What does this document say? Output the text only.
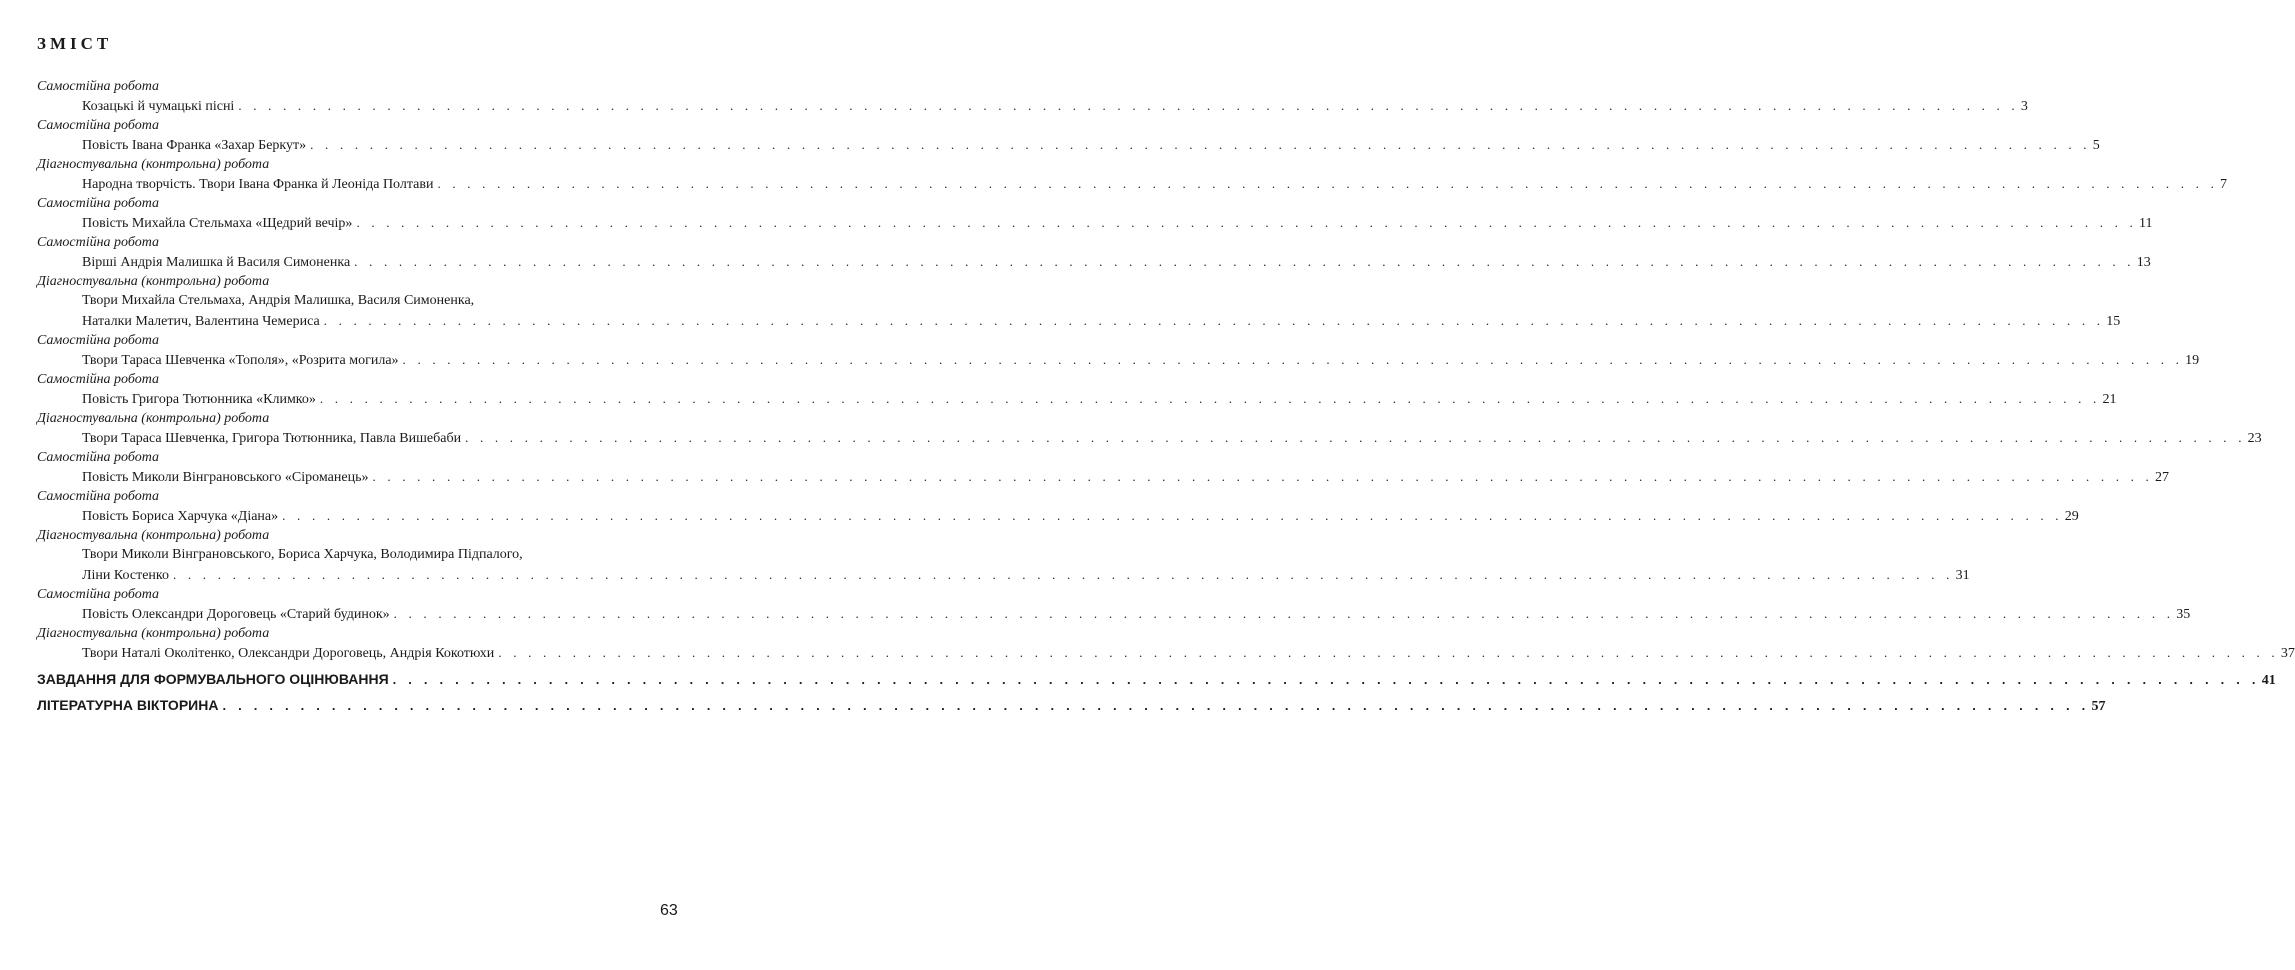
ЗМІСТ
Самостійна робота
Козацькі й чумацькі пісні . . . . . . . . . . . . . . . . . . . . . . . . . . . . . . . . . . . . . . . . . . . . . . . . . . . . . . . . . . . . . . . . . . . . . . . . . . . . . . . . . . . . . . . . . . . . . . . . . . . . . . . . . . . . . . . . . . . . . . . . 3
Самостійна робота
Повість Івана Франка «Захар Беркут» . . . . . . . . . . . . . . . . . . . . . . . . . . . . . . . . . . . . . . . . . . . . . . . . . . . . . . . . . . . . . . . . . . . . . . . . . . . . . . . . . . . . . . . . . . . . . . . . . . . . . . . . . . . . . . . . . . . . . . . . 5
Діагностувальна (контрольна) робота
Народна творчість. Твори Івана Франка й Леоніда Полтави . . . . . . . . . . . . . . . . . . . . . . . . . . . . . . . . . . . . . . . . . . . . . . . . . . . . . . . . . . . . . . . . . . . . . . . . . . . . . . . . . . . . . . . . . . . . . . . . . . . . . . . . . . . . . . . . . . . . . . . . 7
Самостійна робота
Повість Михайла Стельмаха «Щедрий вечір» . . . . . . . . . . . . . . . . . . . . . . . . . . . . . . . . . . . . . . . . . . . . . . . . . . . . . . . . . . . . . . . . . . . . . . . . . . . . . . . . . . . . . . . . . . . . . . . . . . . . . . . . . . . . . . . . . . . . . . . . 11
Самостійна робота
Вірші Андрія Малишка й Василя Симоненка . . . . . . . . . . . . . . . . . . . . . . . . . . . . . . . . . . . . . . . . . . . . . . . . . . . . . . . . . . . . . . . . . . . . . . . . . . . . . . . . . . . . . . . . . . . . . . . . . . . . . . . . . . . . . . . . . . . . . . . . 13
Діагностувальна (контрольна) робота
Твори Михайла Стельмаха, Андрія Малишка, Василя Симоненка,
Наталки Малетич, Валентина Чемериса . . . . . . . . . . . . . . . . . . . . . . . . . . . . . . . . . . . . . . . . . . . . . . . . . . . . . . . . . . . . . . . . . . . . . . . . . . . . . . . . . . . . . . . . . . . . . . . . . . . . . . . . . . . . . . . . . . . . . . . . 15
Самостійна робота
Твори Тараса Шевченка «Тополя», «Розрита могила» . . . . . . . . . . . . . . . . . . . . . . . . . . . . . . . . . . . . . . . . . . . . . . . . . . . . . . . . . . . . . . . . . . . . . . . . . . . . . . . . . . . . . . . . . . . . . . . . . . . . . . . . . . . . . . . . . . . . . . . . 19
Самостійна робота
Повість Григора Тютюнника «Климко» . . . . . . . . . . . . . . . . . . . . . . . . . . . . . . . . . . . . . . . . . . . . . . . . . . . . . . . . . . . . . . . . . . . . . . . . . . . . . . . . . . . . . . . . . . . . . . . . . . . . . . . . . . . . . . . . . . . . . . . . 21
Діагностувальна (контрольна) робота
Твори Тараса Шевченка, Григора Тютюнника, Павла Вишебаби . . . . . . . . . . . . . . . . . . . . . . . . . . . . . . . . . . . . . . . . . . . . . . . . . . . . . . . . . . . . . . . . . . . . . . . . . . . . . . . . . . . . . . . . . . . . . . . . . . . . . . . . . . . . . . . . . . . . . . . . 23
Самостійна робота
Повість Миколи Вінграновського «Сіроманець» . . . . . . . . . . . . . . . . . . . . . . . . . . . . . . . . . . . . . . . . . . . . . . . . . . . . . . . . . . . . . . . . . . . . . . . . . . . . . . . . . . . . . . . . . . . . . . . . . . . . . . . . . . . . . . . . . . . . . . . . 27
Самостійна робота
Повість Бориса Харчука «Діана» . . . . . . . . . . . . . . . . . . . . . . . . . . . . . . . . . . . . . . . . . . . . . . . . . . . . . . . . . . . . . . . . . . . . . . . . . . . . . . . . . . . . . . . . . . . . . . . . . . . . . . . . . . . . . . . . . . . . . . . . 29
Діагностувальна (контрольна) робота
Твори Миколи Вінграновського, Бориса Харчука, Володимира Підпалого,
Ліни Костенко . . . . . . . . . . . . . . . . . . . . . . . . . . . . . . . . . . . . . . . . . . . . . . . . . . . . . . . . . . . . . . . . . . . . . . . . . . . . . . . . . . . . . . . . . . . . . . . . . . . . . . . . . . . . . . . . . . . . . . . . 31
Самостійна робота
Повість Олександри Дороговець «Старий будинок» . . . . . . . . . . . . . . . . . . . . . . . . . . . . . . . . . . . . . . . . . . . . . . . . . . . . . . . . . . . . . . . . . . . . . . . . . . . . . . . . . . . . . . . . . . . . . . . . . . . . . . . . . . . . . . . . . . . . . . . . 35
Діагностувальна (контрольна) робота
Твори Наталі Околітенко, Олександри Дороговець, Андрія Кокотюхи . . . . . . . . . . . . . . . . . . . . . . . . . . . . . . . . . . . . . . . . . . . . . . . . . . . . . . . . . . . . . . . . . . . . . . . . . . . . . . . . . . . . . . . . . . . . . . . . . . . . . . . . . . . . . . . . . . . . . . . . 37
ЗАВДАННЯ ДЛЯ ФОРМУВАЛЬНОГО ОЦІНЮВАННЯ . . . . . . . . . . . . . . . . . . . . . . . . . . . . . . . . . . . . . . . . . . . . . . . . . . . . . . . . . . . . . . . . . . . . . . . . . . . . . . . . . . . . . . . . . . . . . . . . . . . . . . . . . . . . . . . . . . . . . . . . 41
ЛІТЕРАТУРНА ВІКТОРИНА . . . . . . . . . . . . . . . . . . . . . . . . . . . . . . . . . . . . . . . . . . . . . . . . . . . . . . . . . . . . . . . . . . . . . . . . . . . . . . . . . . . . . . . . . . . . . . . . . . . . . . . . . . . . . . . . . . . . . . . . 57
63
